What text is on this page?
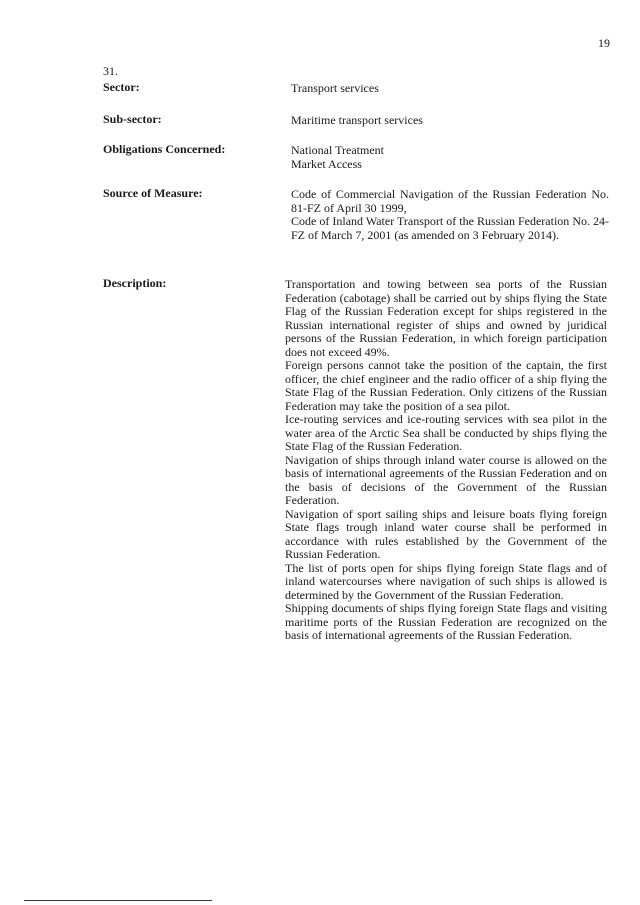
19
31.
Sector:	Transport services
Sub-sector:	Maritime transport services
Obligations Concerned:	National Treatment
Market Access
Source of Measure:	Code of Commercial Navigation of the Russian Federation No. 81-FZ of April 30 1999,
Code of Inland Water Transport of the Russian Federation No. 24-FZ of March 7, 2001 (as amended on 3 February 2014).
Description:	Transportation and towing between sea ports of the Russian Federation (cabotage) shall be carried out by ships flying the State Flag of the Russian Federation except for ships registered in the Russian international register of ships and owned by juridical persons of the Russian Federation, in which foreign participation does not exceed 49%.
Foreign persons cannot take the position of the captain, the first officer, the chief engineer and the radio officer of a ship flying the State Flag of the Russian Federation. Only citizens of the Russian Federation may take the position of a sea pilot.
Ice-routing services and ice-routing services with sea pilot in the water area of the Arctic Sea shall be conducted by ships flying the State Flag of the Russian Federation.
Navigation of ships through inland water course is allowed on the basis of international agreements of the Russian Federation and on the basis of decisions of the Government of the Russian Federation.
Navigation of sport sailing ships and leisure boats flying foreign State flags trough inland water course shall be performed in accordance with rules established by the Government of the Russian Federation.
The list of ports open for ships flying foreign State flags and of inland watercourses where navigation of such ships is allowed is determined by the Government of the Russian Federation.
Shipping documents of ships flying foreign State flags and visiting maritime ports of the Russian Federation are recognized on the basis of international agreements of the Russian Federation.
